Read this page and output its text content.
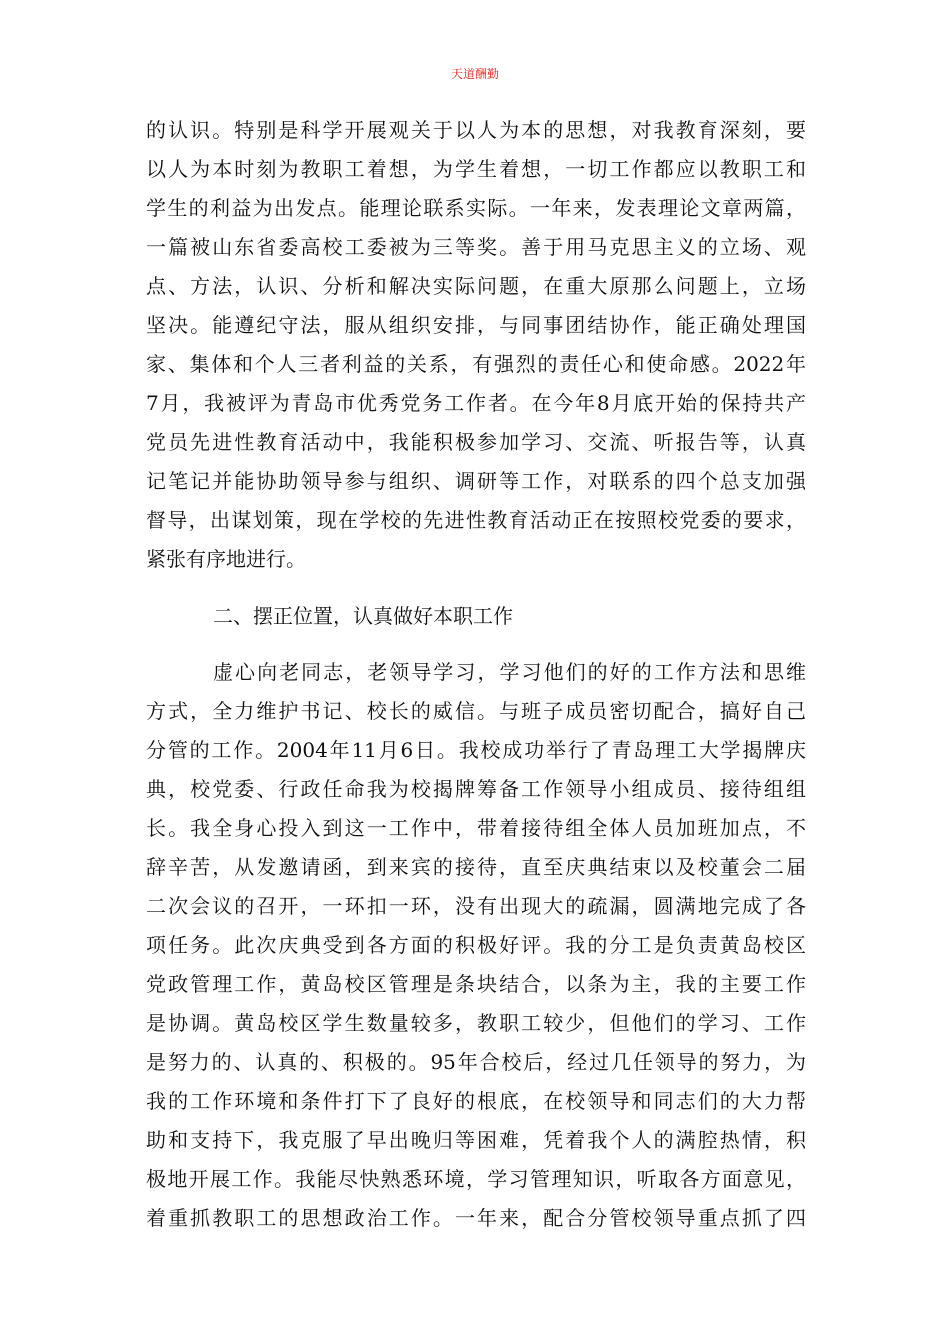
天道酬勤
的认识。特别是科学开展观关于以人为本的思想，对我教育深刻，要
以人为本时刻为教职工着想，为学生着想，一切工作都应以教职工和
学生的利益为出发点。能理论联系实际。一年来，发表理论文章两篇，
一篇被山东省委高校工委被为三等奖。善于用马克思主义的立场、观
点、方法，认识、分析和解决实际问题，在重大原那么问题上，立场
坚决。能遵纪守法，服从组织安排，与同事团结协作，能正确处理国
家、集体和个人三者利益的关系，有强烈的责任心和使命感。2022年
7月，我被评为青岛市优秀党务工作者。在今年8月底开始的保持共产
党员先进性教育活动中，我能积极参加学习、交流、听报告等，认真
记笔记并能协助领导参与组织、调研等工作，对联系的四个总支加强
督导，出谋划策，现在学校的先进性教育活动正在按照校党委的要求，
紧张有序地进行。
二、摆正位置，认真做好本职工作
虚心向老同志，老领导学习，学习他们的好的工作方法和思维
方式，全力维护书记、校长的威信。与班子成员密切配合，搞好自己
分管的工作。2004年11月6日。我校成功举行了青岛理工大学揭牌庆
典，校党委、行政任命我为校揭牌筹备工作领导小组成员、接待组组
长。我全身心投入到这一工作中，带着接待组全体人员加班加点，不
辞辛苦，从发邀请函，到来宾的接待，直至庆典结束以及校董会二届
二次会议的召开，一环扣一环，没有出现大的疏漏，圆满地完成了各
项任务。此次庆典受到各方面的积极好评。我的分工是负责黄岛校区
党政管理工作，黄岛校区管理是条块结合，以条为主，我的主要工作
是协调。黄岛校区学生数量较多，教职工较少，但他们的学习、工作
是努力的、认真的、积极的。95年合校后，经过几任领导的努力，为
我的工作环境和条件打下了良好的根底，在校领导和同志们的大力帮
助和支持下，我克服了早出晚归等困难，凭着我个人的满腔热情，积
极地开展工作。我能尽快熟悉环境，学习管理知识，听取各方面意见，
着重抓教职工的思想政治工作。一年来，配合分管校领导重点抓了四
